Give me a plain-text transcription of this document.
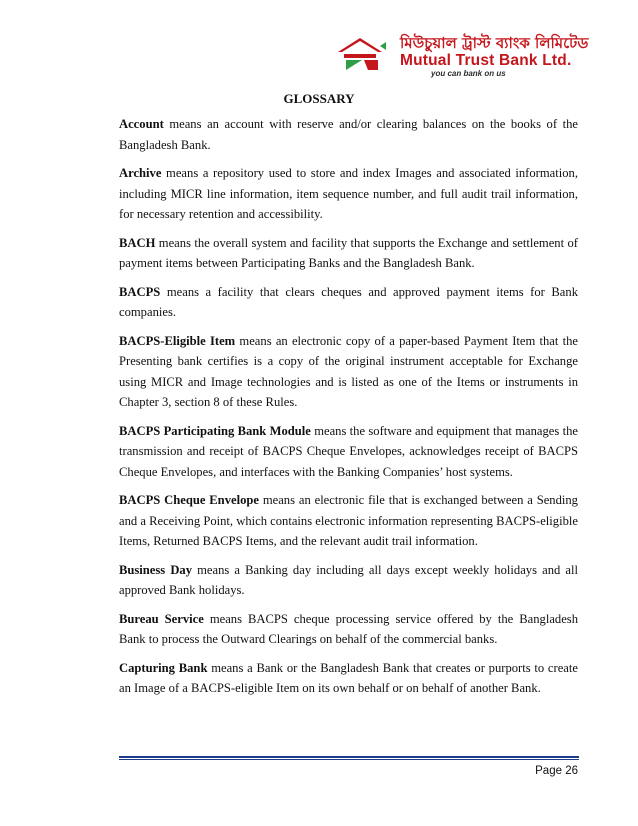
মিউচুয়াল ট্রাস্ট ব্যাংক লিমিটেড
Mutual Trust Bank Ltd.
you can bank on us
GLOSSARY

Account means an account with reserve and/or clearing balances on the books of the Bangladesh Bank.

Archive means a repository used to store and index Images and associated information, including MICR line information, item sequence number, and full audit trail information, for necessary retention and accessibility.

BACH means the overall system and facility that supports the Exchange and settlement of payment items between Participating Banks and the Bangladesh Bank.

BACPS means a facility that clears cheques and approved payment items for Bank companies.

BACPS-Eligible Item means an electronic copy of a paper-based Payment Item that the Presenting bank certifies is a copy of the original instrument acceptable for Exchange using MICR and Image technologies and is listed as one of the Items or instruments in Chapter 3, section 8 of these Rules.

BACPS Participating Bank Module means the software and equipment that manages the transmission and receipt of BACPS Cheque Envelopes, acknowledges receipt of BACPS Cheque Envelopes, and interfaces with the Banking Companies’ host systems.

BACPS Cheque Envelope means an electronic file that is exchanged between a Sending and a Receiving Point, which contains electronic information representing BACPS-eligible Items, Returned BACPS Items, and the relevant audit trail information.

Business Day means a Banking day including all days except weekly holidays and all approved Bank holidays.

Bureau Service means BACPS cheque processing service offered by the Bangladesh Bank to process the Outward Clearings on behalf of the commercial banks.

Capturing Bank means a Bank or the Bangladesh Bank that creates or purports to create an Image of a BACPS-eligible Item on its own behalf or on behalf of another Bank.

Page 26
